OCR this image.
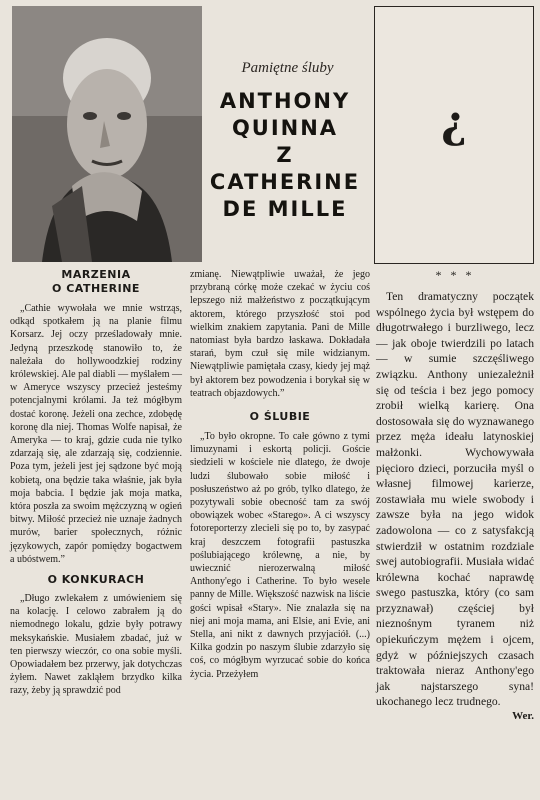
Pamiętne śluby
ANTHONY
QUINNA
Z
CATHERINE
DE MILLE
?
MARZENIA
O CATHERINE

„Cathie wywołała we mnie wstrząs, odkąd spotkałem ją na planie filmu Korsarz. Jej oczy prześladowały mnie. Jedyną przeszkodę stanowiło to, że należała do hollywoodzkiej rodziny królewskiej. Ale pal diabli — myślałem — w Ameryce wszyscy przecież jesteśmy potencjalnymi królami. Ja też mógłbym dostać koronę. Jeżeli ona zechce, zdobędę koronę dla niej. Thomas Wolfe napisał, że Ameryka — to kraj, gdzie cuda nie tylko zdarzają się, ale zdarzają się, codziennie. Poza tym, jeżeli jest jej sądzone być moją kobietą, ona będzie taka właśnie, jak była moja babcia. I będzie jak moja matka, która poszła za swoim mężczyzną w ogień bitwy. Miłość przecież nie uznaje żadnych murów, barier społecznych, różnic językowych, zapór pomiędzy bogactwem a ubóstwem.”

O KONKURACH

„Długo zwlekałem z umówieniem się na kolację. I celowo zabrałem ją do niemodnego lokalu, gdzie były potrawy meksykańskie. Musiałem zbadać, już w ten pierwszy wieczór, co ona sobie myśli. Opowiadałem bez przerwy, jak dotychczas żyłem. Nawet zakląłem brzydko kilka razy, żeby ją sprawdzić pod

zmianę. Niewątpliwie uważał, że jego przybraną córkę może czekać w życiu coś lepszego niż małżeństwo z początkującym aktorem, którego przyszłość stoi pod wielkim znakiem zapytania. Pani de Mille natomiast była bardzo łaskawa. Dokładała starań, bym czuł się mile widzianym. Niewątpliwie pamiętała czasy, kiedy jej mąż był aktorem bez powodzenia i borykał się w teatrach objazdowych.”

O ŚLUBIE

„To było okropne. To całe gówno z tymi limuzynami i eskortą policji. Goście siedzieli w kościele nie dlatego, że dwoje ludzi ślubowało sobie miłość i posłuszeństwo aż po grób, tylko dlatego, że pozytywali sobie obecność tam za swój obowiązek wobec «Starego». A ci wszyscy fotoreporterzy zlecieli się po to, by zasypać kraj deszczem fotografii pastuszka poślubiającego królewnę, a nie, by uwiecznić nierozerwalną miłość Anthony'ego i Catherine. To było wesele panny de Mille. Większość nazwisk na liście gości wpisał «Stary». Nie znalazła się na niej ani moja mama, ani Elsie, ani Evie, ani Stella, ani nikt z dawnych przyjaciół. (...) Kilka godzin po naszym ślubie zdarzyło się coś, co mógłbym wyrzucać sobie do końca życia. Przeżyłem

* * *

Ten dramatyczny początek wspólnego życia był wstępem do długotrwałego i burzliwego, lecz — jak oboje twierdzili po latach — w sumie szczęśliwego związku. Anthony uniezależnił się od teścia i bez jego pomocy zrobił wielką karierę. Ona dostosowała się do wyznawanego przez męża ideału latynoskiej małżonki. Wychowywała pięcioro dzieci, porzuciła myśl o własnej filmowej karierze, zostawiała mu wiele swobody i zawsze była na jego widok zadowolona — co z satysfakcją stwierdził w ostatnim rozdziale swej autobiografii. Musiała widać królewna kochać naprawdę swego pastuszka, który (co sam przyznawał) częściej był nieznośnym tyranem niż opiekuńczym mężem i ojcem, gdyż w późniejszych czasach traktowała nieraz Anthony'ego jak najstarszego syna! ukochanego lecz trudnego.

Wer.
